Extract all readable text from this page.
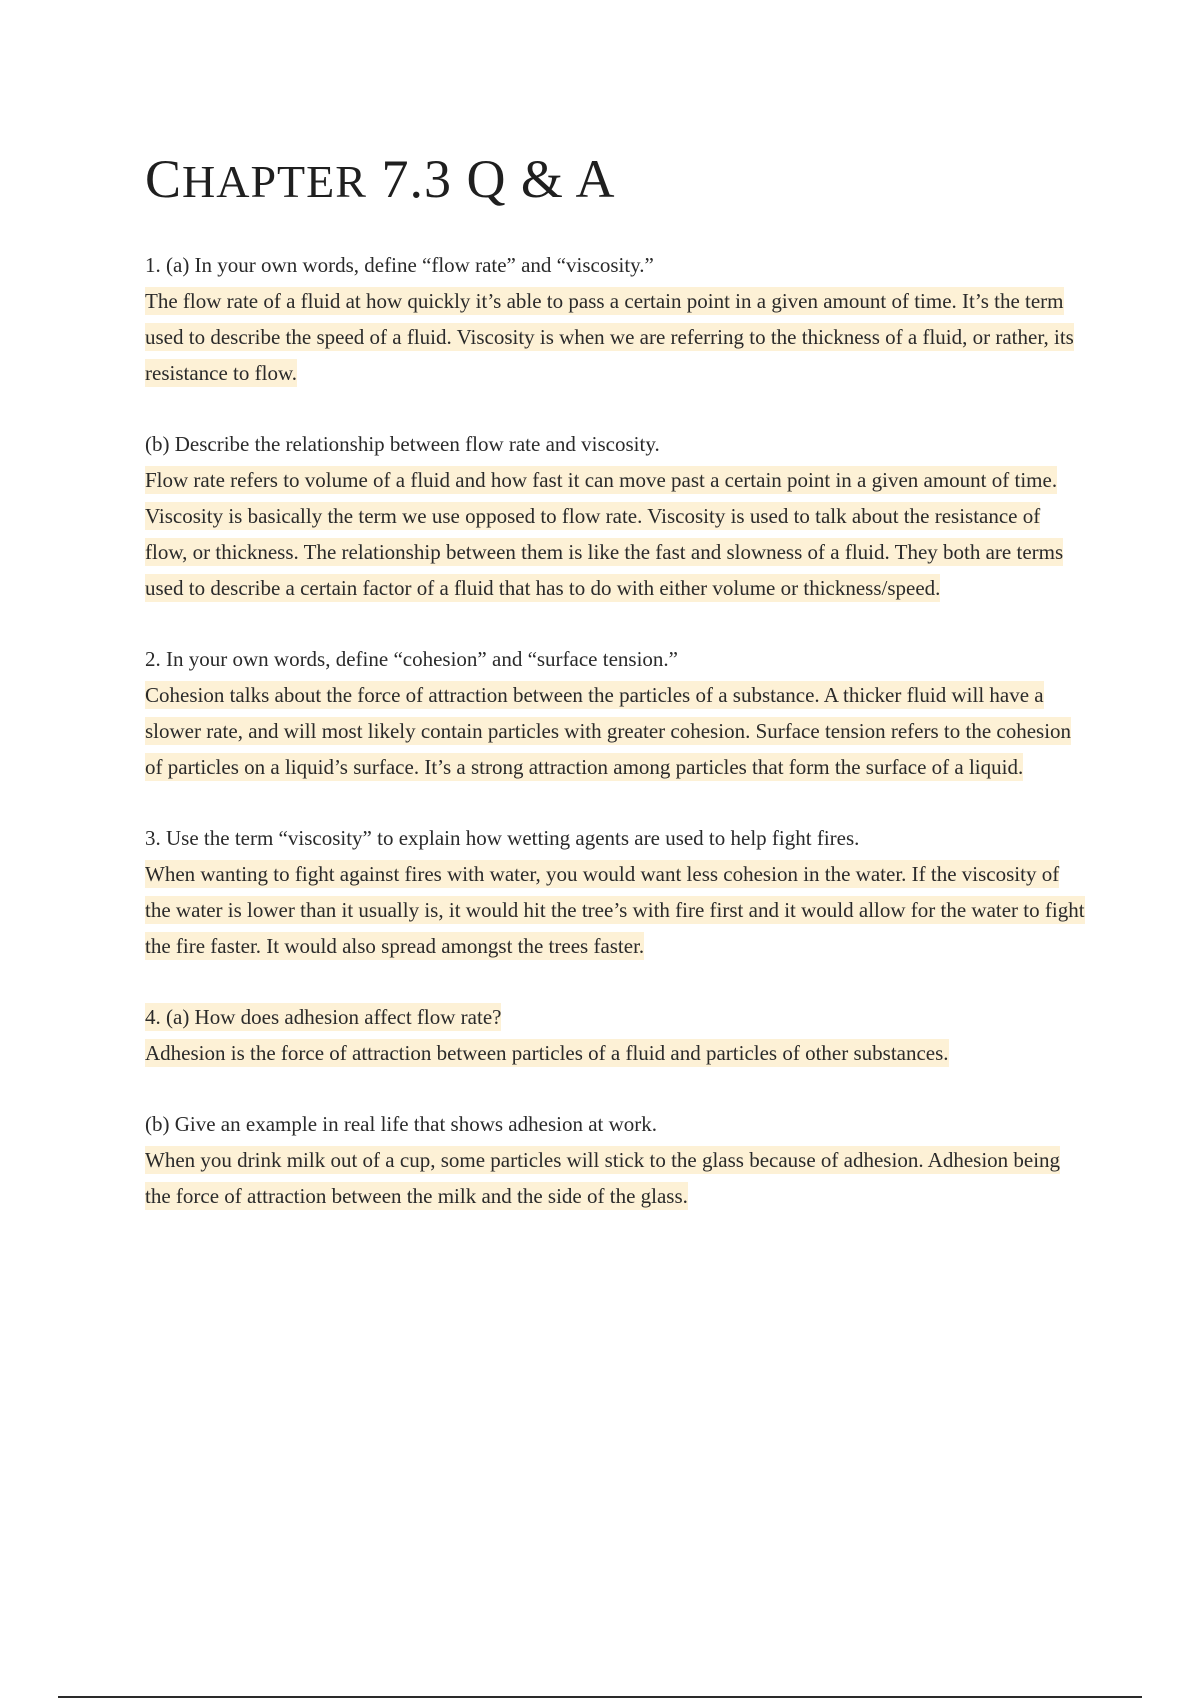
CHAPTER 7.3 Q & A

1. (a) In your own words, define “flow rate” and “viscosity.”

The flow rate of a fluid at how quickly it’s able to pass a certain point in a given amount of time. It’s the term used to describe the speed of a fluid. Viscosity is when we are referring to the thickness of a fluid, or rather, its resistance to flow.

(b) Describe the relationship between flow rate and viscosity.

Flow rate refers to volume of a fluid and how fast it can move past a certain point in a given amount of time. Viscosity is basically the term we use opposed to flow rate. Viscosity is used to talk about the resistance of flow, or thickness. The relationship between them is like the fast and slowness of a fluid. They both are terms used to describe a certain factor of a fluid that has to do with either volume or thickness/speed.

2. In your own words, define “cohesion” and “surface tension.”

Cohesion talks about the force of attraction between the particles of a substance. A thicker fluid will have a slower rate, and will most likely contain particles with greater cohesion. Surface tension refers to the cohesion of particles on a liquid’s surface. It’s a strong attraction among particles that form the surface of a liquid.

3. Use the term “viscosity” to explain how wetting agents are used to help fight fires.

When wanting to fight against fires with water, you would want less cohesion in the water. If the viscosity of the water is lower than it usually is, it would hit the tree’s with fire first and it would allow for the water to fight the fire faster. It would also spread amongst the trees faster.

4. (a) How does adhesion affect flow rate?

Adhesion is the force of attraction between particles of a fluid and particles of other substances.

(b) Give an example in real life that shows adhesion at work.

When you drink milk out of a cup, some particles will stick to the glass because of adhesion. Adhesion being the force of attraction between the milk and the side of the glass.
